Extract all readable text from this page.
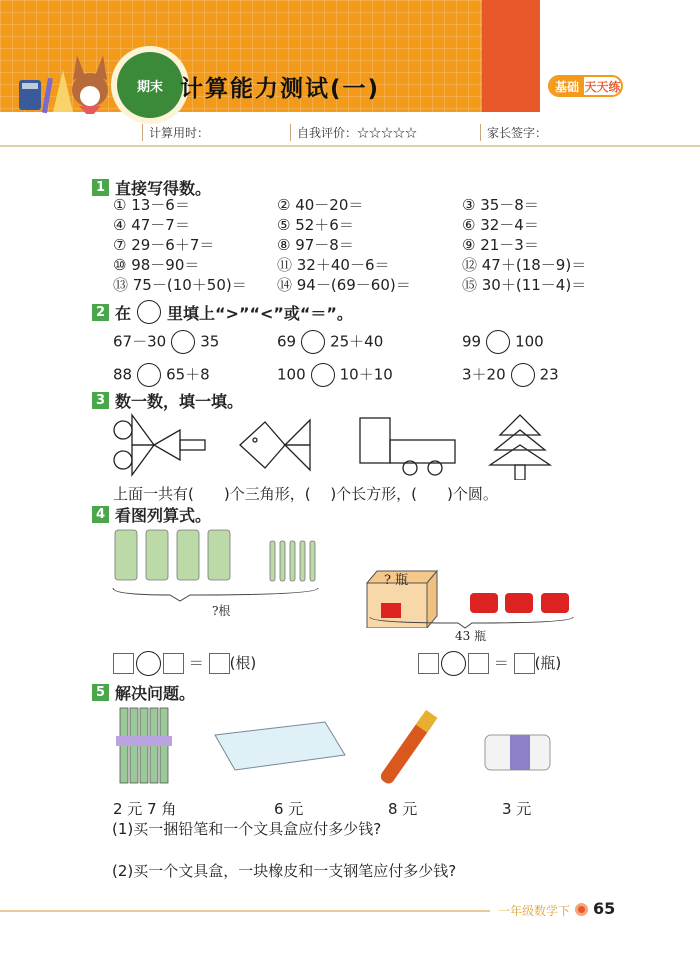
期末 计算能力测试(一)	基础 天天练
计算用时：	自我评价：☆☆☆☆☆	家长签字：
1 直接写得数。
① 13－6＝	② 40－20＝	③ 35－8＝
④ 47－7＝	⑤ 52＋6＝	⑥ 32－4＝
⑦ 29－6＋7＝	⑧ 97－8＝	⑨ 21－3＝
⑩ 98－90＝	⑪ 32＋40－6＝	⑫ 47＋(18－9)＝
⑬ 75－(10＋50)＝ ⑭ 94－(69－60)＝	⑮ 30＋(11－4)＝
2 在 里填上“>”“<”或“＝”。
67－30 35	69 25＋40	99 100
88 65＋8	100 10＋10	3＋20 23
3 数一数，填一填。
上面一共有(　　)个三角形，(　 )个长方形，(　　)个圆。
4 看图列算式。
?根
? 瓶
43 瓶
＝ (根)	＝ (瓶)
5 解决问题。
2 元 7 角	6 元	8 元	3 元
(1)买一捆铅笔和一个文具盒应付多少钱?
(2)买一个文具盒，一块橡皮和一支钢笔应付多少钱?
一年级数学下 65
